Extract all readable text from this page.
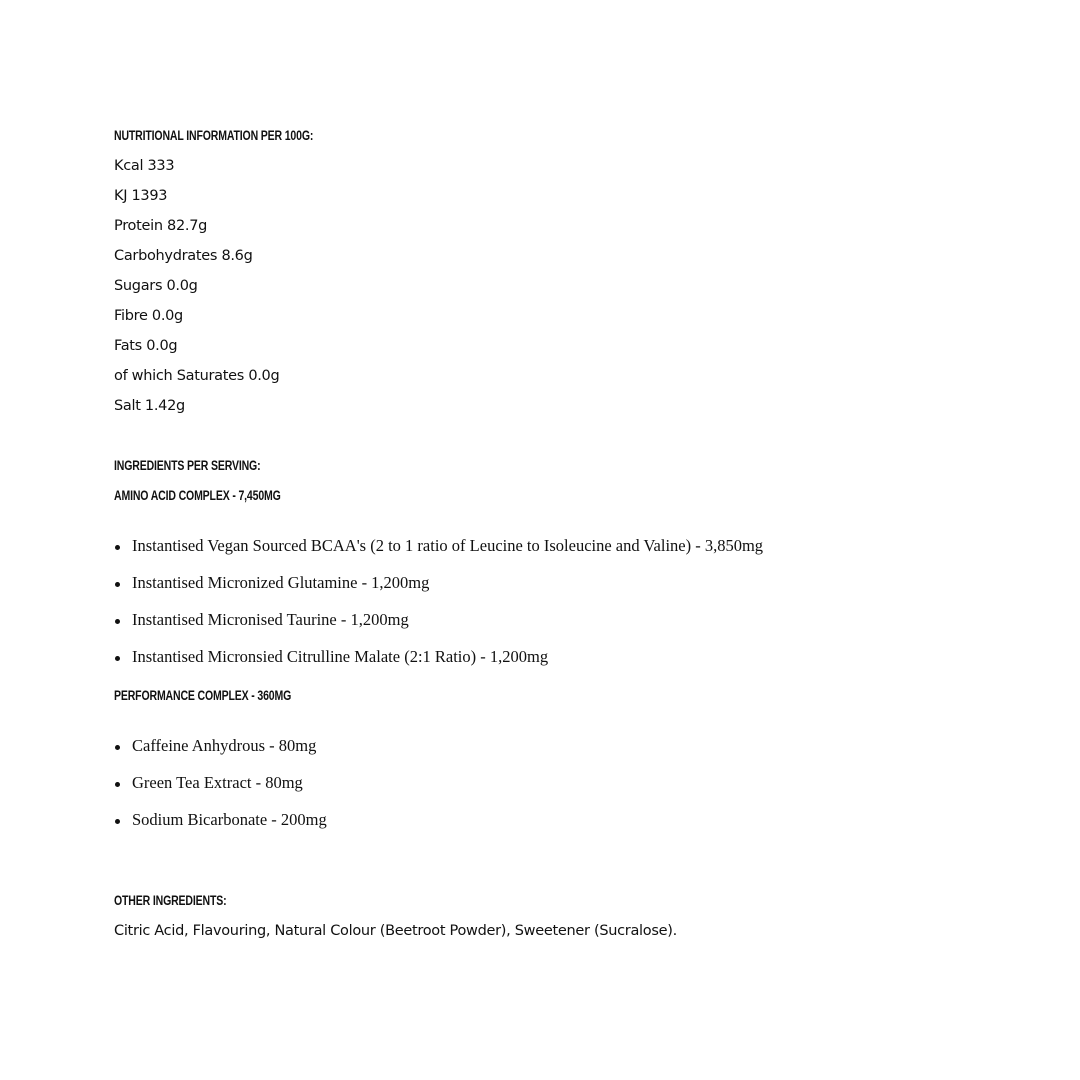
NUTRITIONAL INFORMATION PER 100G:
Kcal 333
KJ 1393
Protein 82.7g
Carbohydrates 8.6g
Sugars 0.0g
Fibre 0.0g
Fats 0.0g
of which Saturates 0.0g
Salt 1.42g
INGREDIENTS PER SERVING:
AMINO ACID COMPLEX - 7,450MG
Instantised Vegan Sourced BCAA's (2 to 1 ratio of Leucine to Isoleucine and Valine) - 3,850mg
Instantised Micronized Glutamine - 1,200mg
Instantised Micronised Taurine - 1,200mg
Instantised Micronsied Citrulline Malate (2:1 Ratio) - 1,200mg
PERFORMANCE COMPLEX - 360MG
Caffeine Anhydrous - 80mg
Green Tea Extract - 80mg
Sodium Bicarbonate - 200mg
OTHER INGREDIENTS:
Citric Acid, Flavouring, Natural Colour (Beetroot Powder), Sweetener (Sucralose).
